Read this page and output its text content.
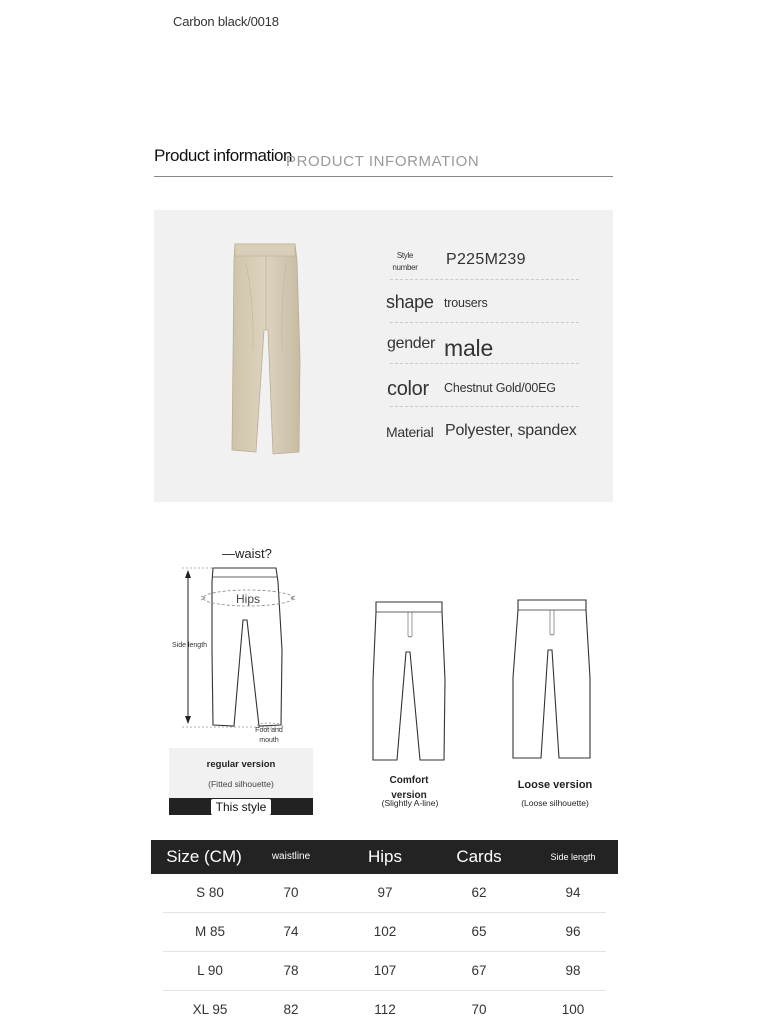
Carbon black/0018
Product information
PRODUCT INFORMATION
Style number P225M239
shape trousers
gender male
color Chestnut Gold/00EG
Material Polyester, spandex
—waist?
Hips
Side length
Foot and mouth
regular version
(Fitted silhouette)
This style
Comfort version
(Slightly A-line)
Loose version
(Loose silhouette)
Size (CM)	waistline	Hips	Cards	Side length
S 80	70	97	62	94
M 85	74	102	65	96
L 90	78	107	67	98
XL 95	82	112	70	100
